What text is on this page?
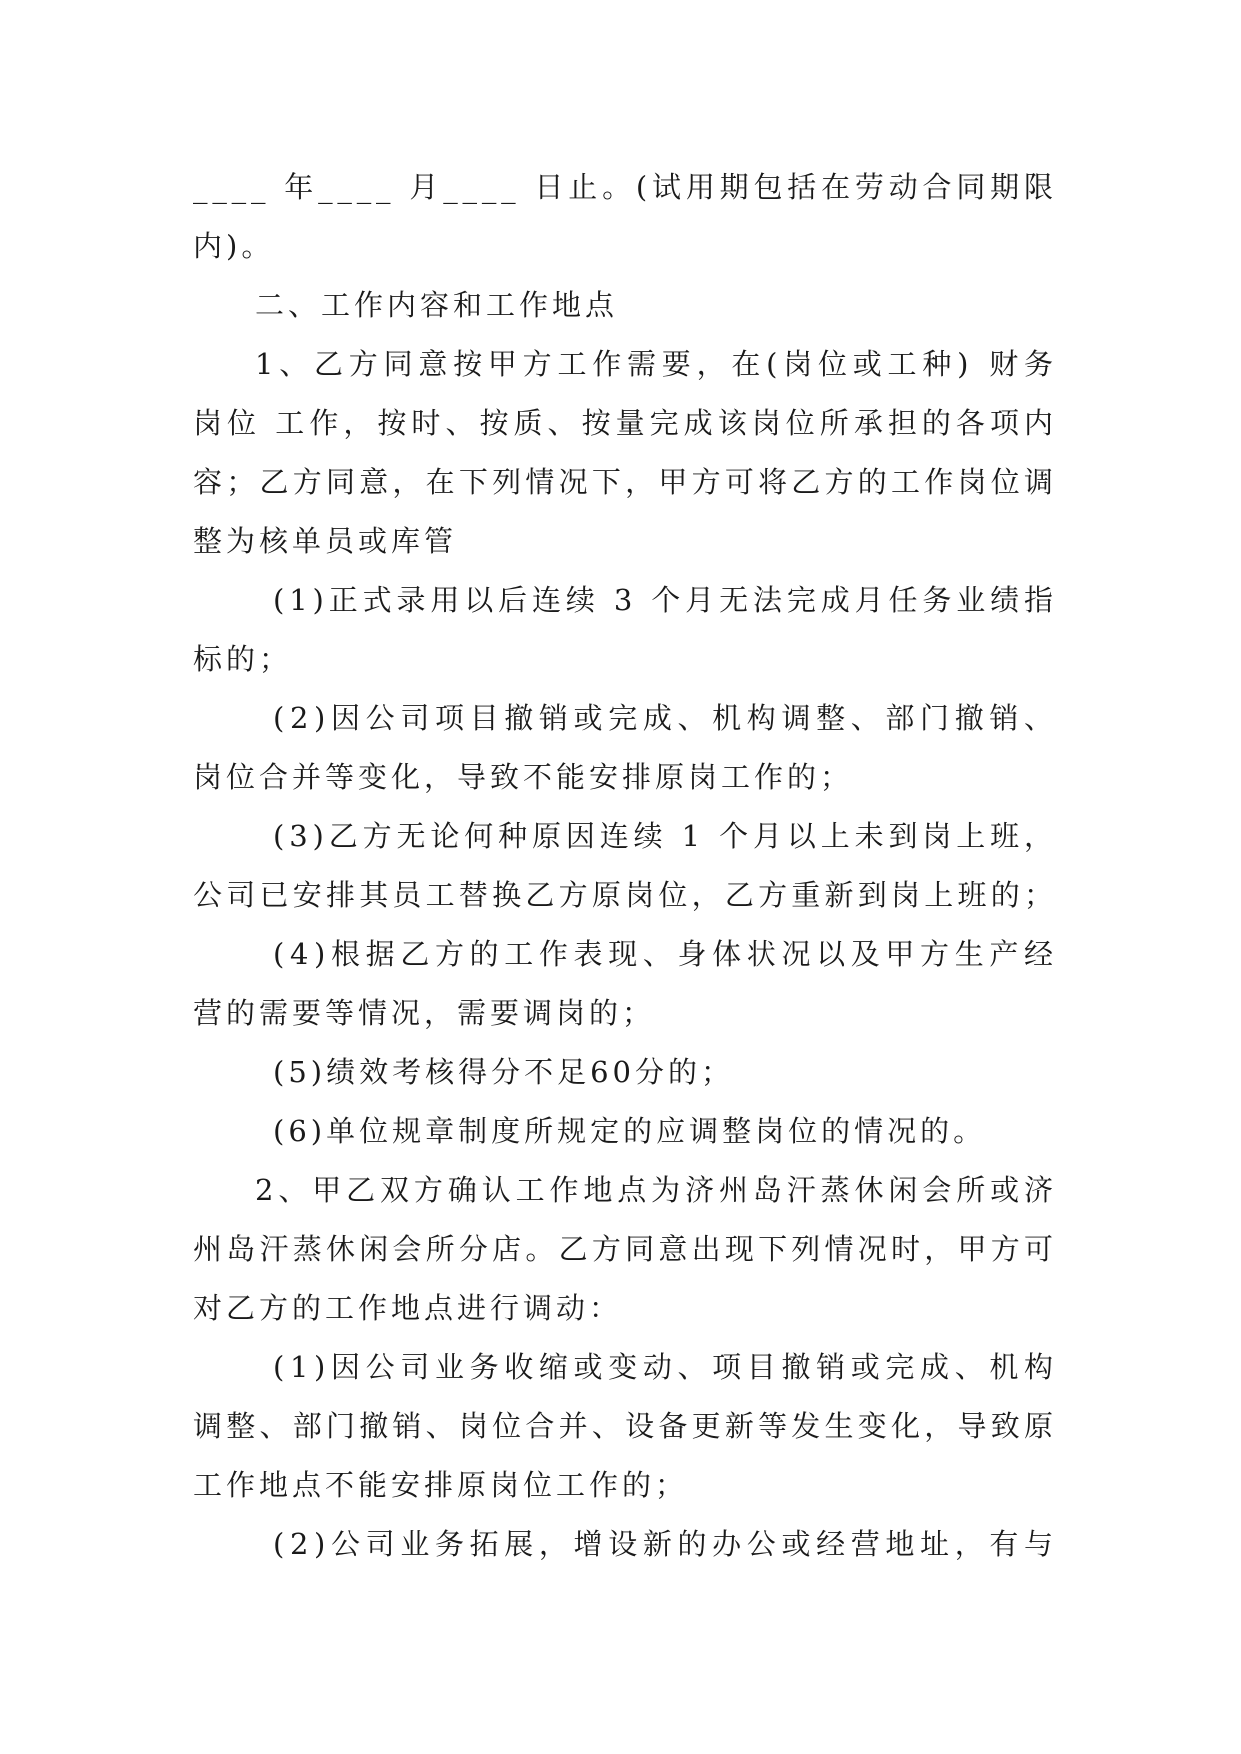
____ 年____ 月____ 日止。(试用期包括在劳动合同期限
内)。
二、工作内容和工作地点
1、乙方同意按甲方工作需要，在(岗位或工种) 财务
岗位 工作，按时、按质、按量完成该岗位所承担的各项内
容；乙方同意，在下列情况下，甲方可将乙方的工作岗位调
整为核单员或库管
(1)正式录用以后连续 3 个月无法完成月任务业绩指
标的；
(2)因公司项目撤销或完成、机构调整、部门撤销、
岗位合并等变化，导致不能安排原岗工作的；
(3)乙方无论何种原因连续 1 个月以上未到岗上班，
公司已安排其员工替换乙方原岗位，乙方重新到岗上班的；
(4)根据乙方的工作表现、身体状况以及甲方生产经
营的需要等情况，需要调岗的；
(5)绩效考核得分不足60分的；
(6)单位规章制度所规定的应调整岗位的情况的。
2、甲乙双方确认工作地点为济州岛汗蒸休闲会所或济
州岛汗蒸休闲会所分店。乙方同意出现下列情况时，甲方可
对乙方的工作地点进行调动：
(1)因公司业务收缩或变动、项目撤销或完成、机构
调整、部门撤销、岗位合并、设备更新等发生变化，导致原
工作地点不能安排原岗位工作的；
(2)公司业务拓展，增设新的办公或经营地址，有与
